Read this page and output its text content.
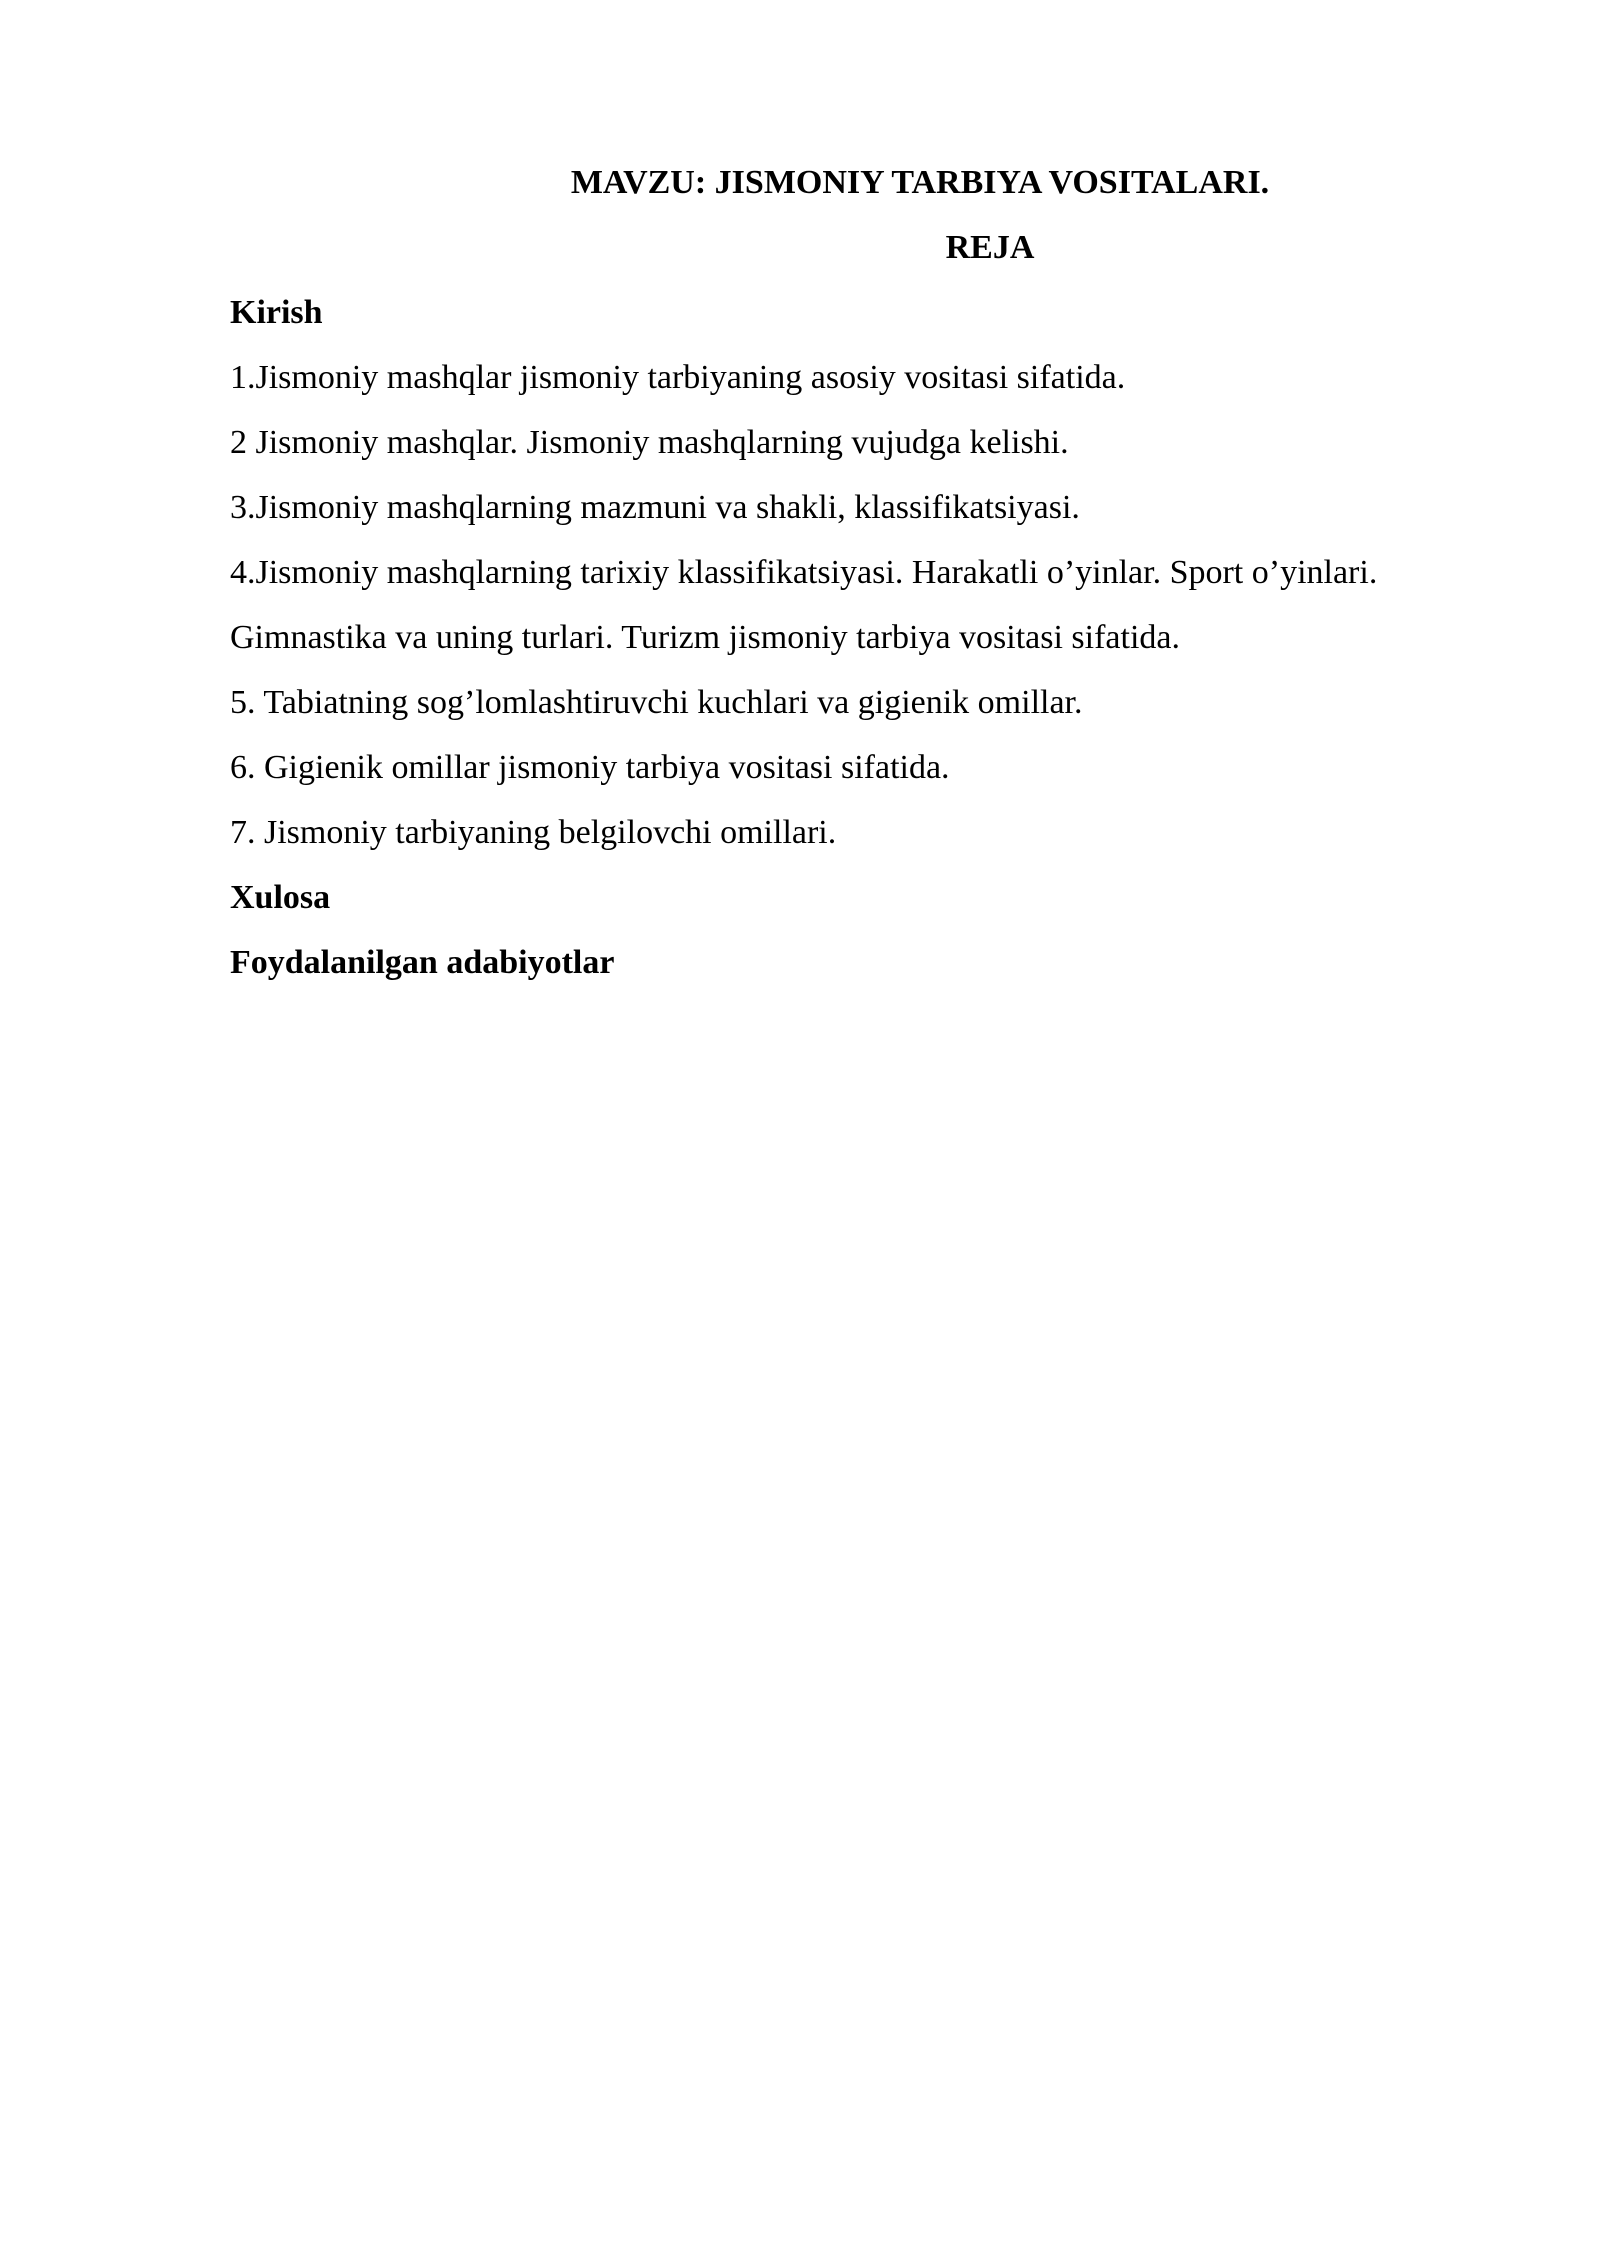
MAVZU: JISMONIY TARBIYA VOSITALARI.
REJA
Kirish
1.Jismoniy mashqlar jismoniy tarbiyaning asosiy vositasi sifatida.
2 Jismoniy mashqlar. Jismoniy mashqlarning vujudga kelishi.
3.Jismoniy mashqlarning mazmuni va shakli, klassifikatsiyasi.
4.Jismoniy mashqlarning tarixiy klassifikatsiyasi. Harakatli o’yinlar. Sport o’yinlari.
Gimnastika va uning turlari. Turizm jismoniy tarbiya vositasi sifatida.
5. Tabiatning sog’lomlashtiruvchi kuchlari va gigienik omillar.
6. Gigienik omillar jismoniy tarbiya vositasi sifatida.
7. Jismoniy tarbiyaning belgilovchi omillari.
Xulosa
Foydalanilgan adabiyotlar
